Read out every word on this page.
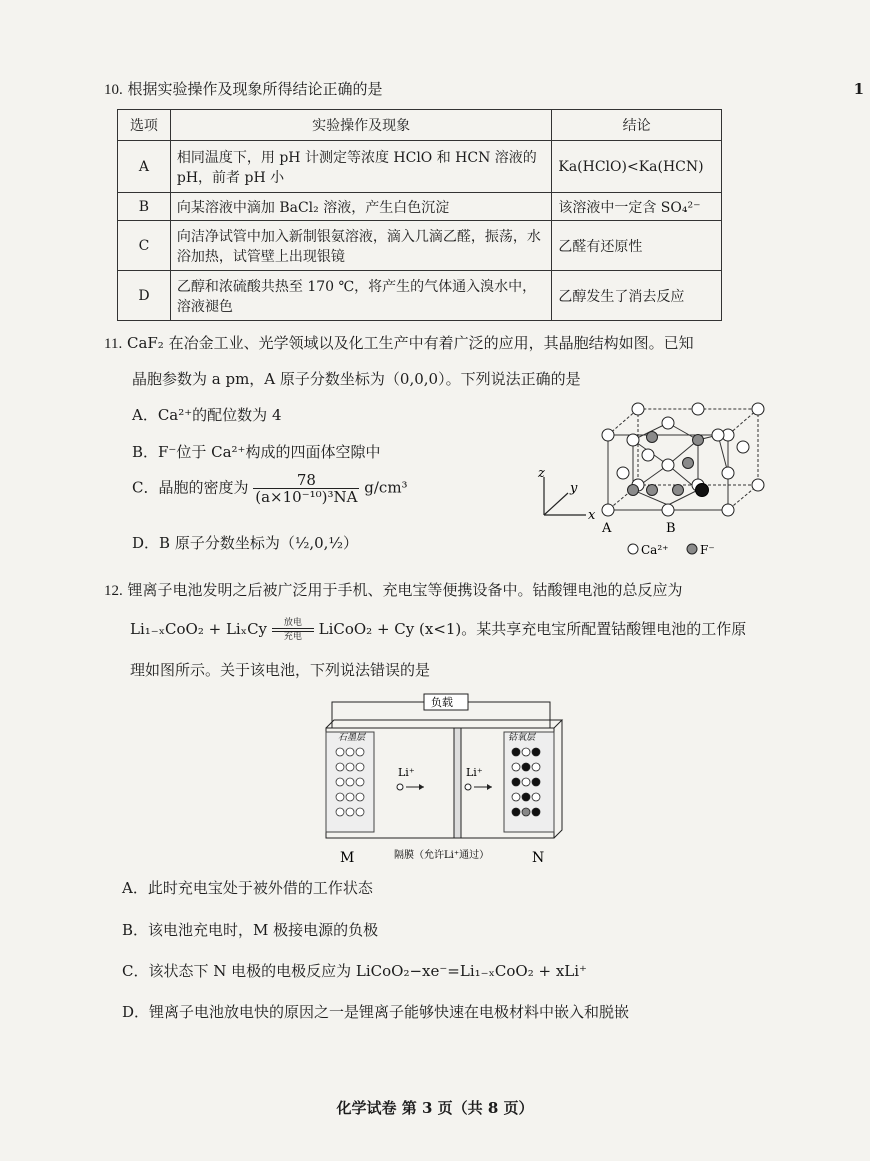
1
10. 根据实验操作及现象所得结论正确的是
选项	实验操作及现象	结论
A	相同温度下，用 pH 计测定等浓度 HClO 和 HCN 溶液的 pH，前者 pH 小	Ka(HClO)<Ka(HCN)
B	向某溶液中滴加 BaCl₂ 溶液，产生白色沉淀	该溶液中一定含 SO₄²⁻
C	向洁净试管中加入新制银氨溶液，滴入几滴乙醛，振荡，水浴加热，试管壁上出现银镜	乙醛有还原性
D	乙醇和浓硫酸共热至 170 ℃，将产生的气体通入溴水中，溶液褪色	乙醇发生了消去反应
11. CaF₂ 在冶金工业、光学领域以及化工生产中有着广泛的应用，其晶胞结构如图。已知
晶胞参数为 a pm，A 原子分数坐标为（0,0,0）。下列说法正确的是
A．Ca²⁺的配位数为 4
B．F⁻位于 Ca²⁺构成的四面体空隙中
C．晶胞的密度为 $\frac{78}{\text{(a×10⁻¹⁰)³NA}} g/cm^3$
D．B 原子分数坐标为（½,0,½）
z
y
x
A	B
Ca²⁺	F⁻
12. 锂离子电池发明之后被广泛用于手机、充电宝等便携设备中。钴酸锂电池的总反应为
Li₁₋ₓCoO₂ + LiₓCy	放电
充电	LiCoO₂ + Cy (x<1)。某共享充电宝所配置钴酸锂电池的工作原
理如图所示。关于该电池，下列说法错误的是
负载
石墨层
Li⁺	Li⁺
钴氧层
M	隔膜（允许Li⁺通过）	N
A．此时充电宝处于被外借的工作状态
B．该电池充电时，M 极接电源的负极
C．该状态下 N 电极的电极反应为 LiCoO₂−xe⁻=Li₁₋ₓCoO₂ + xLi⁺
D．锂离子电池放电快的原因之一是锂离子能够快速在电极材料中嵌入和脱嵌
化学试卷 第 3 页（共 8 页）
